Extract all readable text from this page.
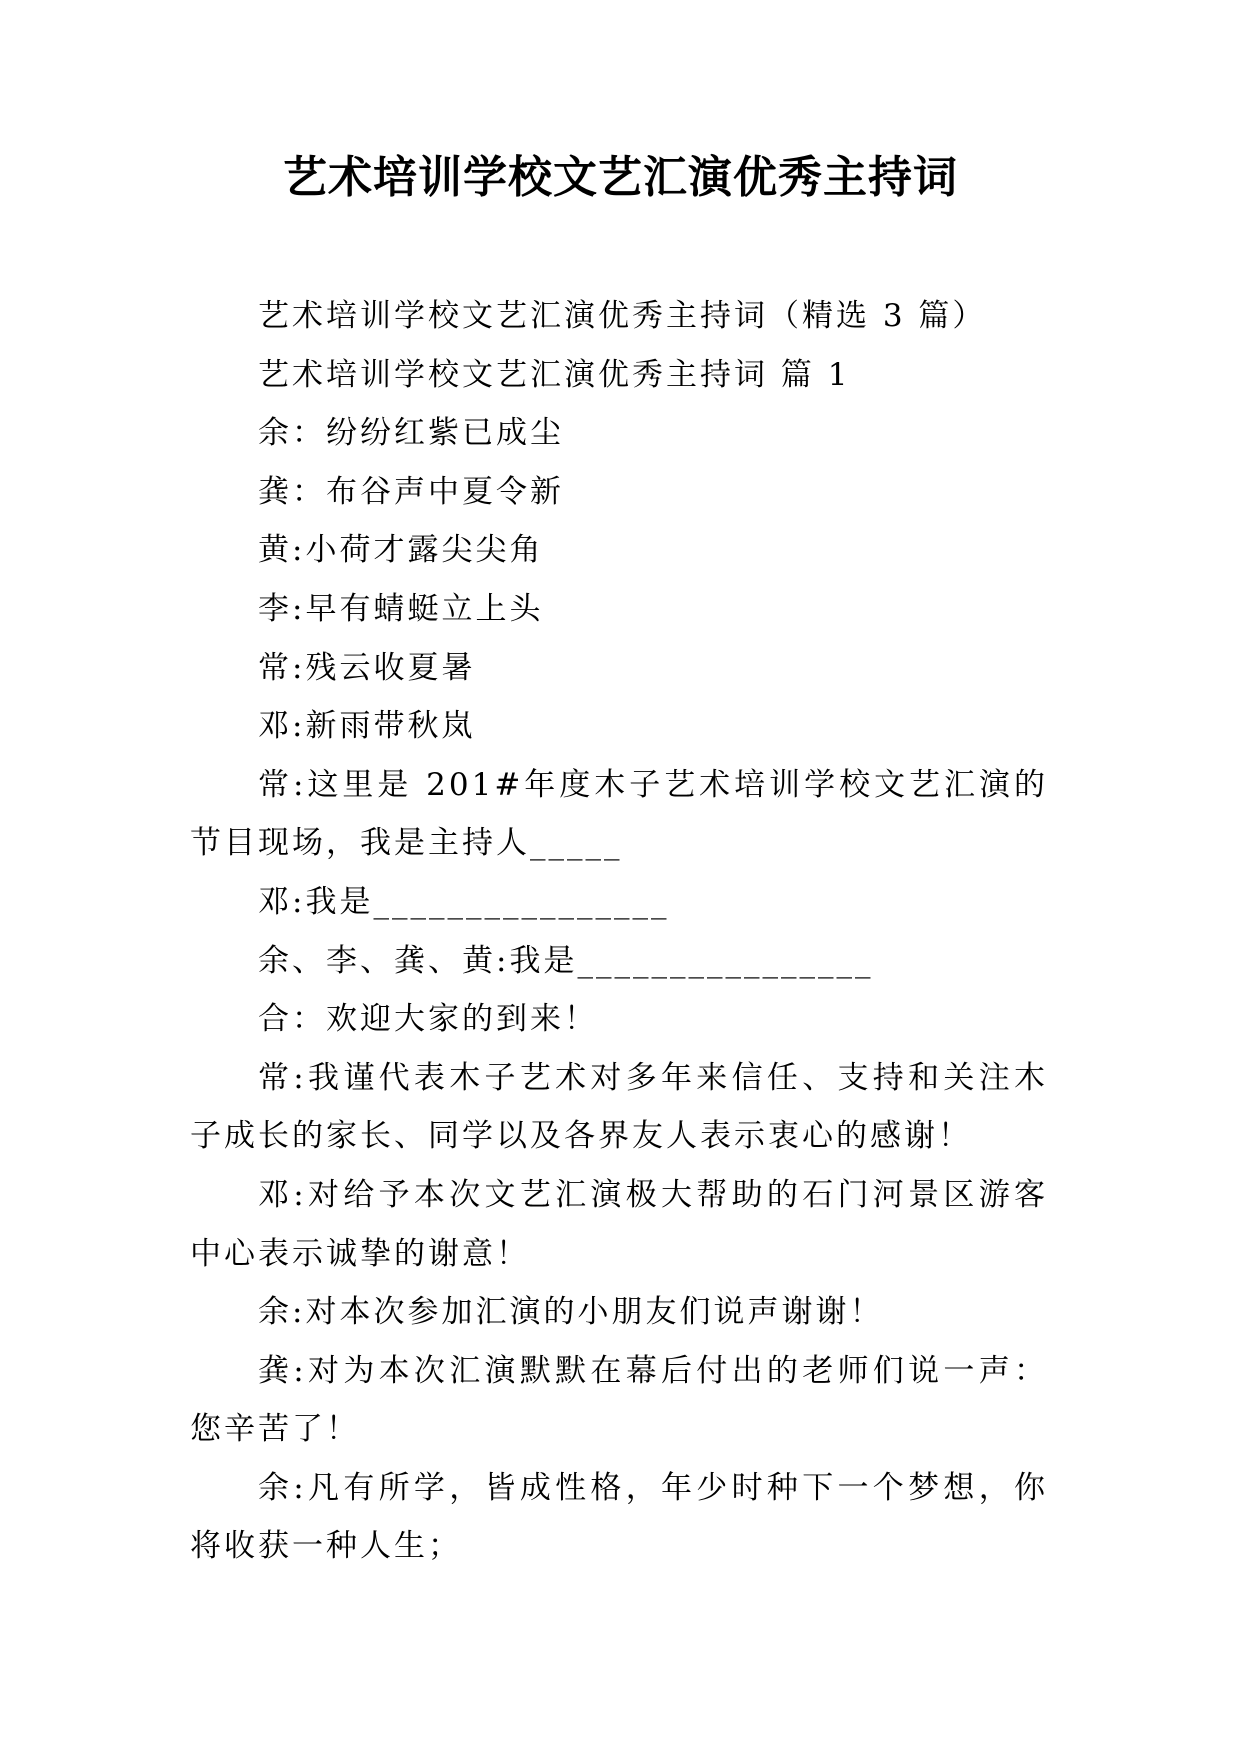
艺术培训学校文艺汇演优秀主持词

艺术培训学校文艺汇演优秀主持词（精选 3 篇）

艺术培训学校文艺汇演优秀主持词 篇 1

余：纷纷红紫已成尘

龚：布谷声中夏令新

黄:小荷才露尖尖角

李:早有蜻蜓立上头

常:残云收夏暑

邓:新雨带秋岚

常:这里是 201#年度木子艺术培训学校文艺汇演的节目现场，我是主持人_____

邓:我是________________

余、李、龚、黄:我是________________

合：欢迎大家的到来！

常:我谨代表木子艺术对多年来信任、支持和关注木子成长的家长、同学以及各界友人表示衷心的感谢！

邓:对给予本次文艺汇演极大帮助的石门河景区游客中心表示诚挚的谢意！

余:对本次参加汇演的小朋友们说声谢谢！

龚:对为本次汇演默默在幕后付出的老师们说一声：您辛苦了！

余:凡有所学，皆成性格，年少时种下一个梦想，你将收获一种人生；
